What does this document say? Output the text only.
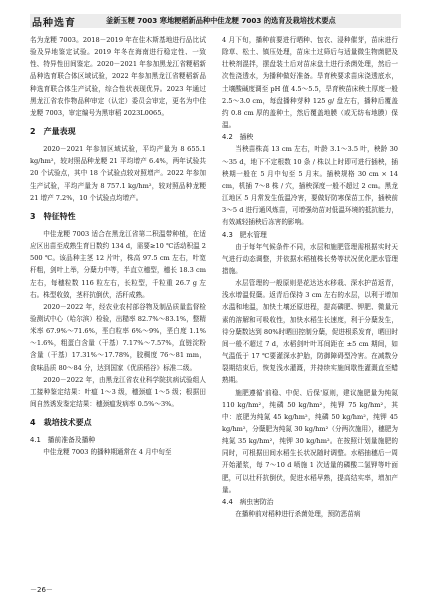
品种选育	釜新玉粳 7003 寒地粳稻新品种中佳龙粳 7003 的选育及栽培技术要点

名为龙粳 7003。2018－2019 年在佳木斯基地进行品比试验及异地鉴定试验。2019 年冬在海南进行稳定性、一致性、特异性田间鉴定。2020－2021 年参加黑龙江省粳稻新品种选育联合体区域试验，2022 年参加黑龙江省粳稻新品种选育联合体生产试验，综合性状表现优异。2023 年通过黑龙江省农作物品种审定（认定）委员会审定，更名为中佳龙粳 7003，审定编号为黑审稻 2023L0065。

2　产量表现

2020－2021 年参加区域试验，平均产量为 8 655.1 kg/hm²，较对照品种龙粳 21 平均增产 6.4%，两年试验共 20 个试验点，其中 18 个试验点较对照增产。2022 年参加生产试验，平均产量为 8 757.1 kg/hm²，较对照品种龙粳 21 增产 7.2%，10 个试验点均增产。

3　特征特性

中佳龙粳 7003 适合在黑龙江省第二积温带种植，在适应区出苗至成熟生育日数约 134 d，需要≥10 ℃活动积温 2 500 ℃。该品种主茎 12 片叶，株高 97.5 cm 左右，叶宽秆粗，剑叶上举，分蘖力中等，半直立穗型，穗长 18.3 cm 左右，每穗粒数 116 粒左右，长粒型，千粒重 26.7 g 左右。株型收敛，茎秆抗倒伏，活秆成熟。

2020－2022 年，经农业农村部谷物及制品质量监督检验测试中心（哈尔滨）检验，出糙率 82.7%～83.1%，整精米率 67.9%～71.6%，垩白粒率 6%～9%，垩白度 1.1%～1.6%，粗蛋白含量（干基）7.17%～7.57%，直链淀粉含量（干基）17.31%～17.78%，胶稠度 76～81 mm，食味品质 80～84 分，达到国家《优质稻谷》标准二级。

2020－2022 年，由黑龙江省农业科学院抗病试验组人工接种鉴定结果：叶瘟 1～3 级，穗颈瘟 1～5 级；根据田间自然诱发鉴定结果：穗颈瘟发病率 0.5%～3%。

4　栽培技术要点
4.1　播前准备及播种

中佳龙粳 7003 的播种期通常在 4 月中旬至

4 月下旬，播种前要进行晒种、包衣、浸种催芽，苗床进行除草、松土、镇压处理，苗床土过筛后与适量微生物菌肥及壮秧剂混拌，摆盘装土后对苗床盘土进行杀菌处理，然后一次性浇透水，为播种做好准备。旱育秧要求苗床浇透底水，土壤酸碱度调至 pH 值 4.5～5.5，旱育秧苗床秧土厚度一般 2.5～3.0 cm，每盘播种芽种 125 g/ 盘左右，播种后覆盖约 0.8 cm 厚的盖种土，然后覆盖地膜（或无纺布地膜）保温。

4.2　插秧

当秧苗株高 13 cm 左右，叶龄 3.1～3.5 叶，秧龄 30～35 d，地下不定根数 10 条 / 株以上时即可进行插秧，插秧期一般在 5 月中旬至 5 月末。插秧规格 30 cm × 14 cm，机插 7～8 株 / 穴，插秧深度一般不超过 2 cm。黑龙江地区 5 月常发生低温冷害，要做好防寒保苗工作，插秧前 3～5 d 进行通风炼苗，可增强幼苗对低温环境的抵抗能力，有效减轻插秧后冻害的影响。

4.3　肥水管理

由于每年气候条件不同，水层和施肥管理需根据实时天气进行动态调整，并依据水稻植株长势等状况优化肥水管理措施。

水层管理的一般原则是花达达水移栽、深水护苗返青，浅水增温促蘖。返青后保持 3 cm 左右的水层，以利于增加水温和地温，加快土壤还原进程，提高磷肥、钾肥、微量元素的溶解和可吸收性，加快水稻生长速度，利于分蘖发生，待分蘖数达到 80%时晒田控制分蘖，促进根系发育，晒田时间一般不超过 7 d，水稻剑叶叶耳间距在 ±5 cm 期间，如气温低于 17 ℃要灌深水护胎，防御障碍型冷害。在减数分裂期结束后，恢复浅水灌溉，并持续实施间歇性灌溉直至蜡熟期。

施肥遵循'前稳、中促、后保'原则，建议施肥量为纯氮 110 kg/hm²，纯磷 50 kg/hm²，纯钾 75 kg/hm²，其中：底肥为纯氮 45 kg/hm²，纯磷 50 kg/hm²，纯钾 45 kg/hm²，分蘖肥为纯氮 30 kg/hm²（分两次施用），穗肥为纯氮 35 kg/hm²，纯钾 30 kg/hm²。在按照计划量施肥的同时，可根据田间水稻生长状况随时调整。水稻抽穗后一周开始灌浆，每 7～10 d 喷施 1 次适量的磷酸二氢钾等叶面肥，可以壮秆抗倒伏，促进水稻早熟，提高结实率，增加产量。

4.4　病虫害防治

在播种前对稻种进行杀菌处理，预防恶苗病

－26－
